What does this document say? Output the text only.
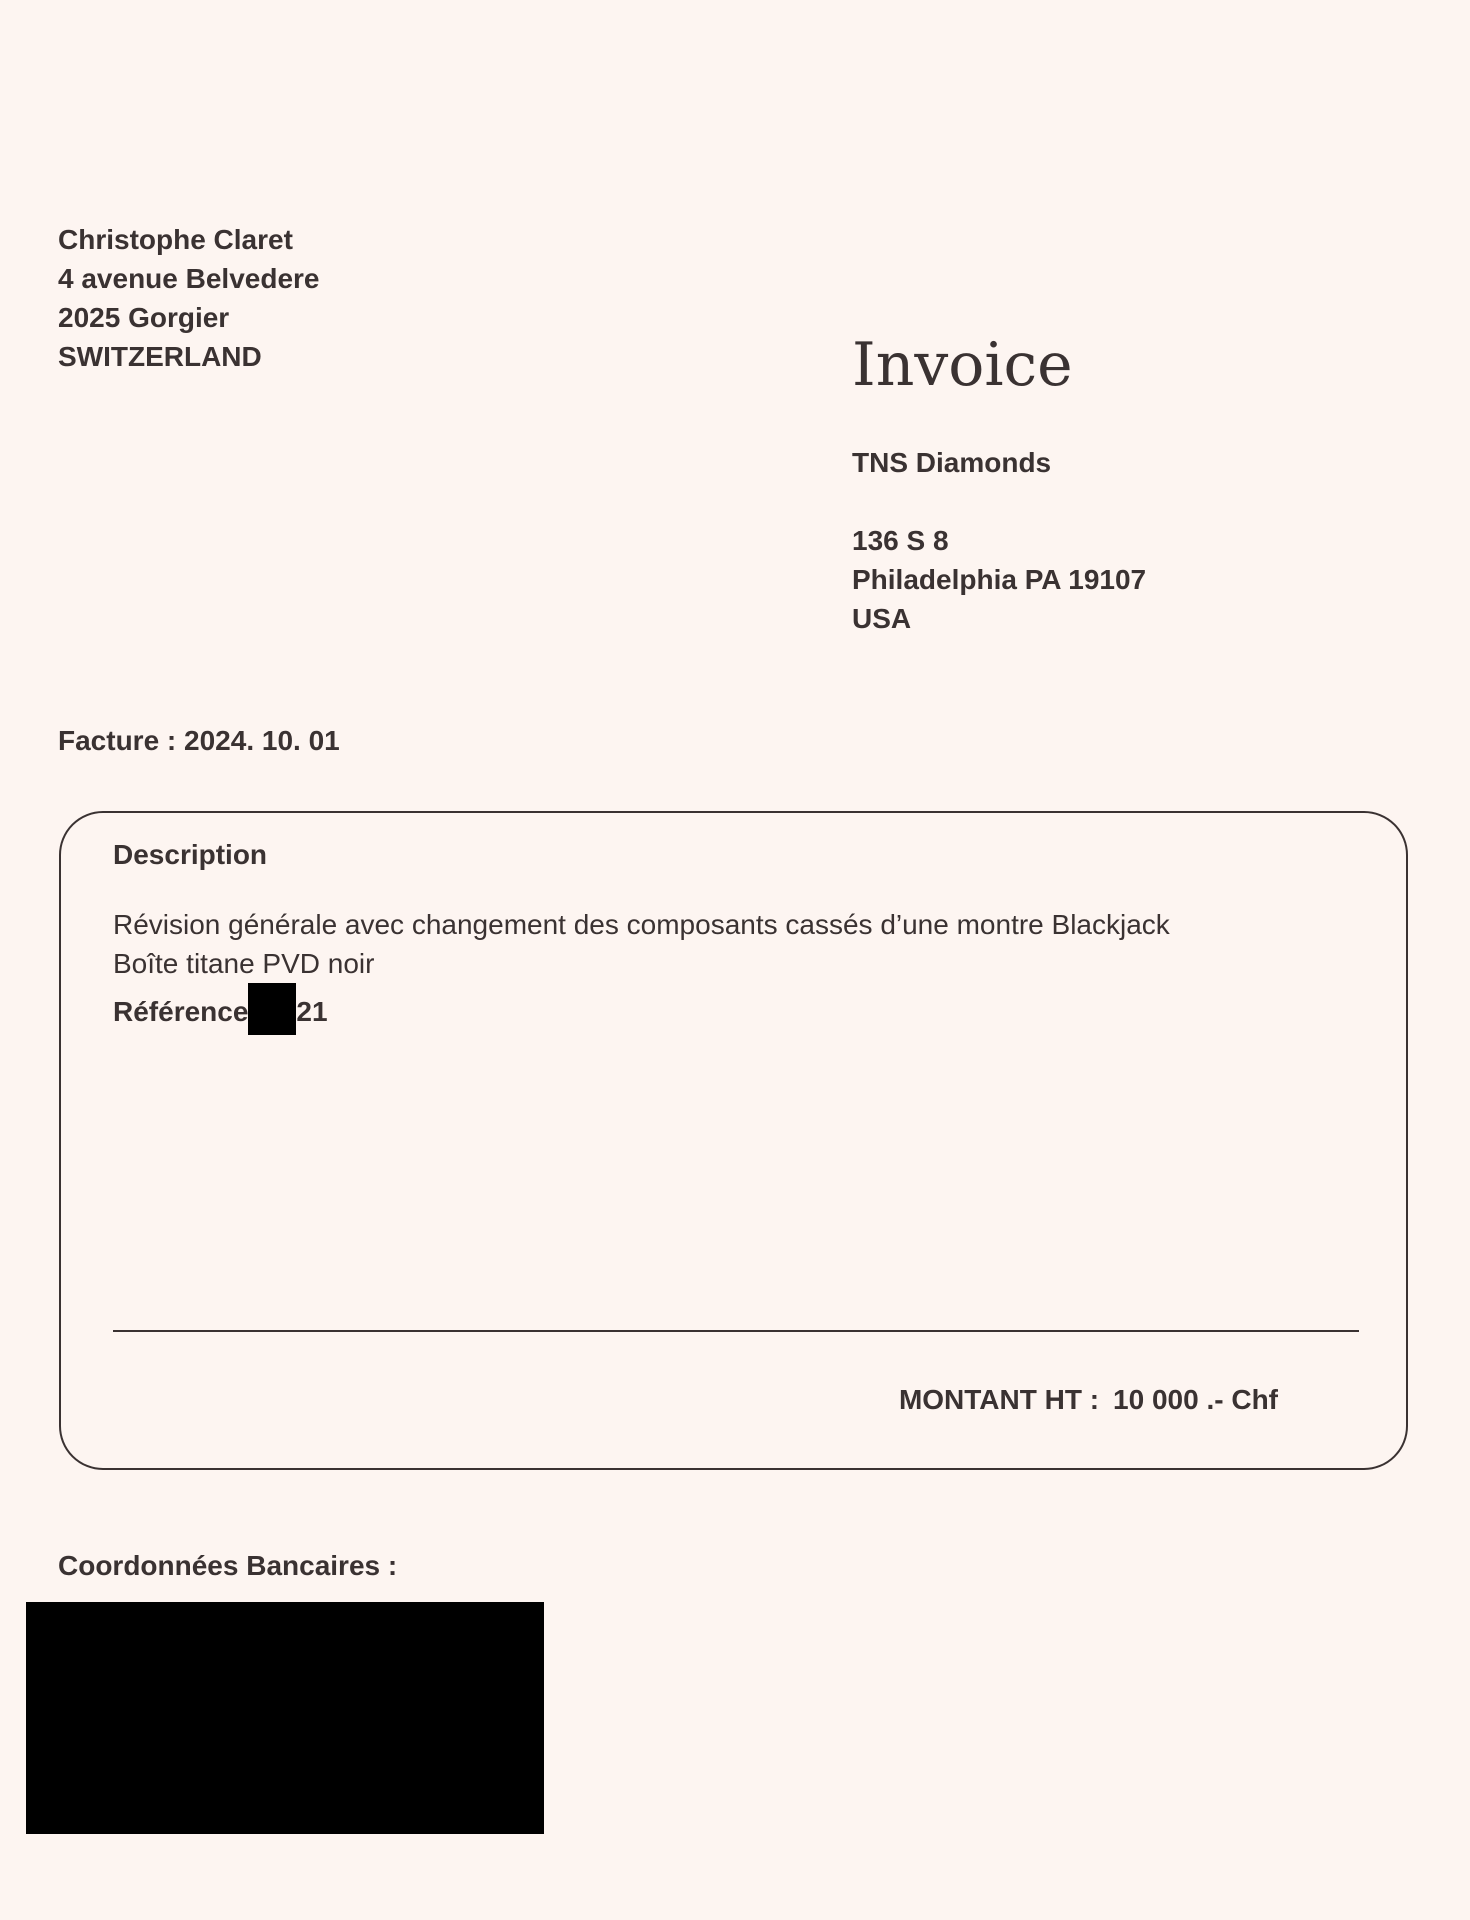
Christophe Claret
4 avenue Belvedere
2025 Gorgier
SWITZERLAND	Invoice
TNS Diamonds
136 S 8
Philadelphia PA 19107
USA
Facture : 2024. 10. 01
Description
Révision générale avec changement des composants cassés d’une montre Blackjack
Boîte titane PVD noir
Référence 21
MONTANT HT : 10 000 .- Chf
Coordonnées Bancaires :
